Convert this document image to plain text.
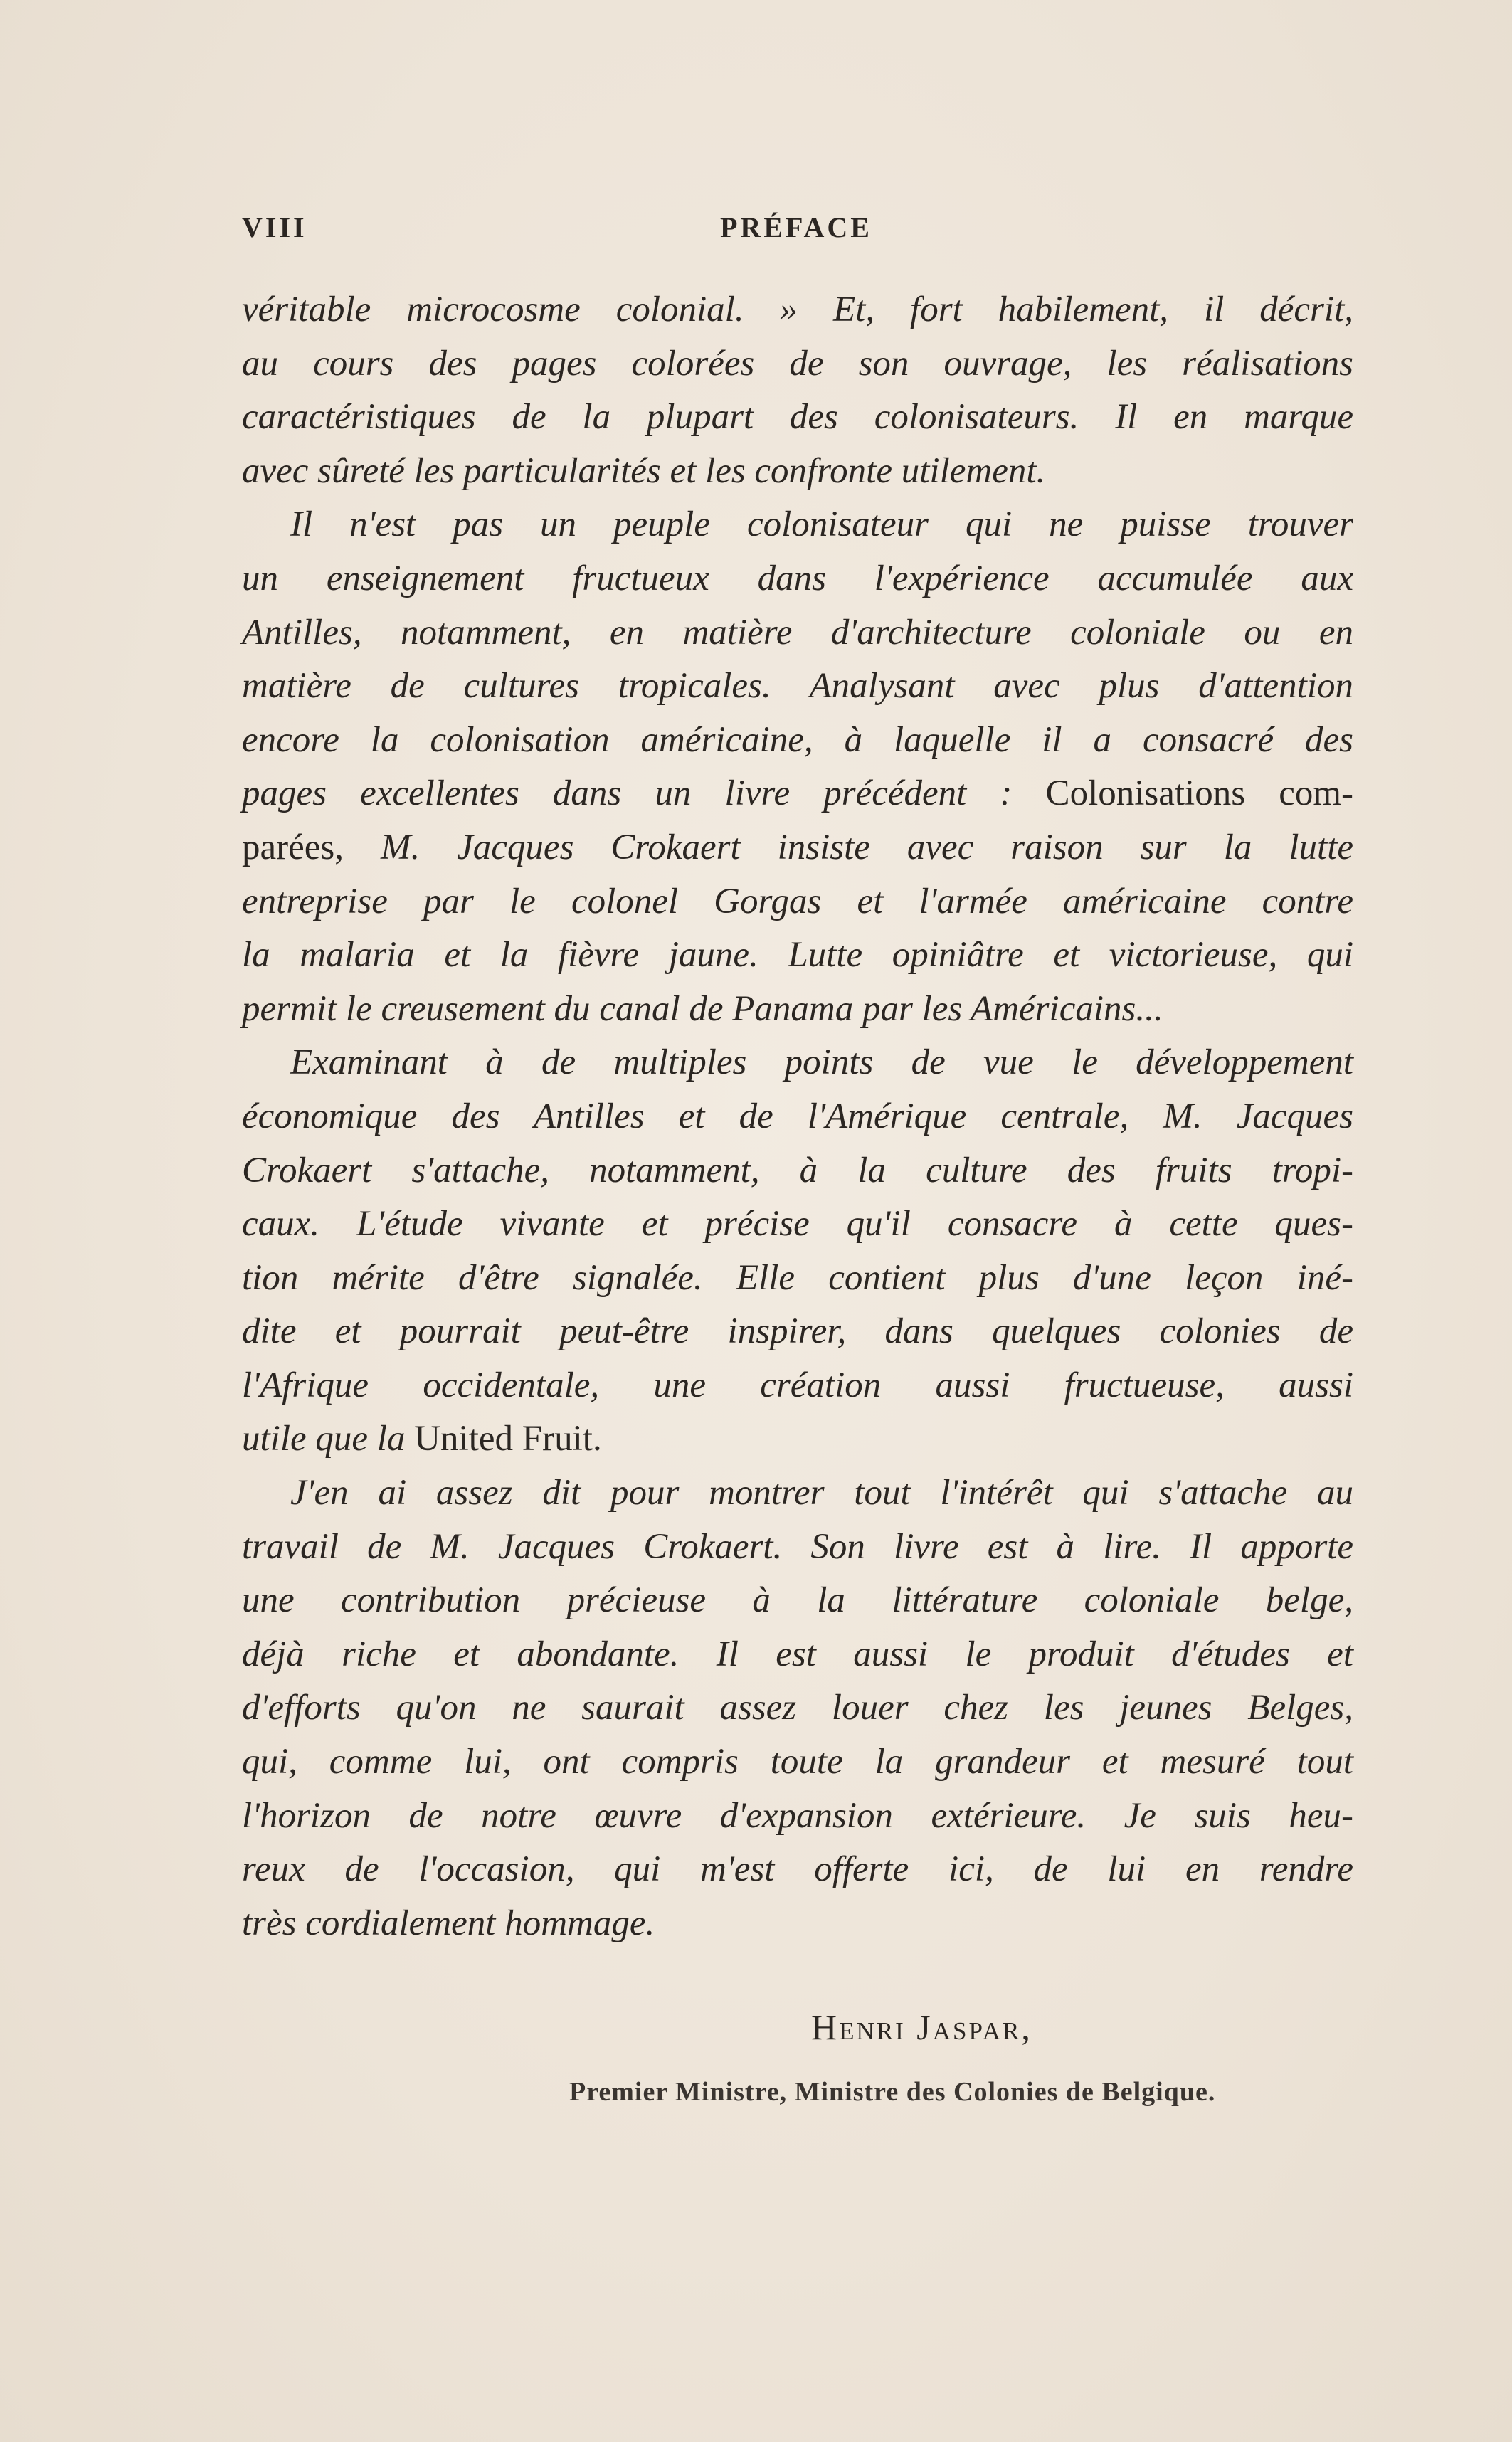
VIII	PRÉFACE
véritable microcosme colonial. » Et, fort habilement, il décrit,
au cours des pages colorées de son ouvrage, les réalisations
caractéristiques de la plupart des colonisateurs. Il en marque
avec sûreté les particularités et les confronte utilement.
Il n'est pas un peuple colonisateur qui ne puisse trouver
un enseignement fructueux dans l'expérience accumulée aux
Antilles, notamment, en matière d'architecture coloniale ou en
matière de cultures tropicales. Analysant avec plus d'attention
encore la colonisation américaine, à laquelle il a consacré des
pages excellentes dans un livre précédent : Colonisations com-
parées, M. Jacques Crokaert insiste avec raison sur la lutte
entreprise par le colonel Gorgas et l'armée américaine contre
la malaria et la fièvre jaune. Lutte opiniâtre et victorieuse, qui
permit le creusement du canal de Panama par les Américains...
Examinant à de multiples points de vue le développement
économique des Antilles et de l'Amérique centrale, M. Jacques
Crokaert s'attache, notamment, à la culture des fruits tropi-
caux. L'étude vivante et précise qu'il consacre à cette ques-
tion mérite d'être signalée. Elle contient plus d'une leçon iné-
dite et pourrait peut-être inspirer, dans quelques colonies de
l'Afrique occidentale, une création aussi fructueuse, aussi
utile que la United Fruit.
J'en ai assez dit pour montrer tout l'intérêt qui s'attache au
travail de M. Jacques Crokaert. Son livre est à lire. Il apporte
une contribution précieuse à la littérature coloniale belge,
déjà riche et abondante. Il est aussi le produit d'études et
d'efforts qu'on ne saurait assez louer chez les jeunes Belges,
qui, comme lui, ont compris toute la grandeur et mesuré tout
l'horizon de notre œuvre d'expansion extérieure. Je suis heu-
reux de l'occasion, qui m'est offerte ici, de lui en rendre
très cordialement hommage.
Henri Jaspar,
Premier Ministre, Ministre des Colonies de Belgique.
